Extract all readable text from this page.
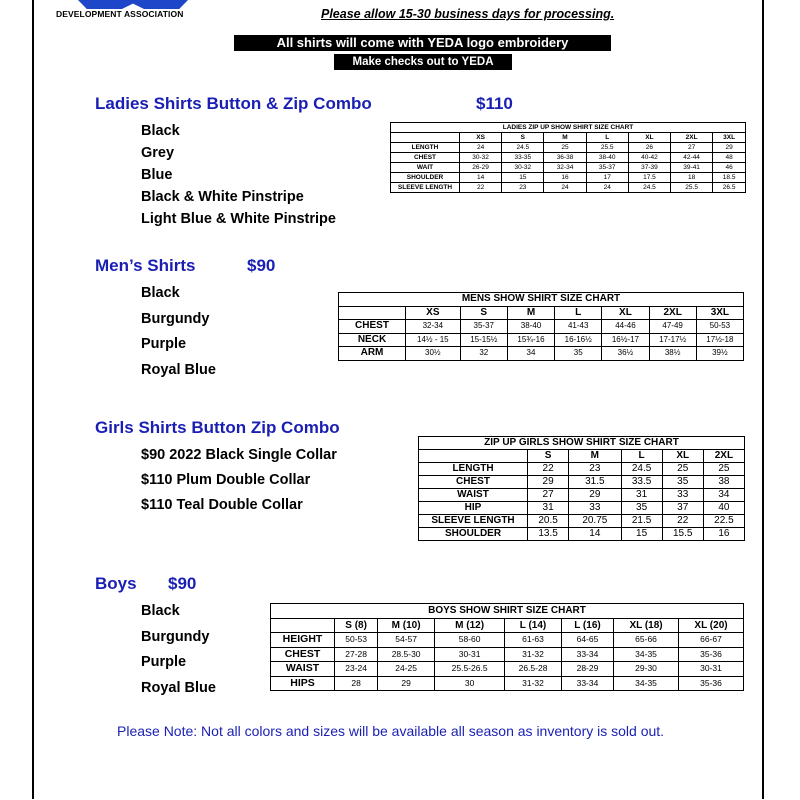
DEVELOPMENT ASSOCIATION	Please allow 15-30 business days for processing.
All shirts will come with YEDA logo embroidery
Make checks out to YEDA
Ladies Shirts Button & Zip Combo	$110
Black
Grey
Blue
Black & White Pinstripe
Light Blue & White Pinstripe
LADIES ZIP UP SHOW SHIRT SIZE CHART							
	XS	S	M	L	XL	2XL	3XL
LENGTH	24	24.5	25	25.5	26	27	29
CHEST	30-32	33-35	36-38	38-40	40-42	42-44	48
WAIT	26-29	30-32	32-34	35-37	37-39	39-41	46
SHOULDER	14	15	16	17	17.5	18	18.5
SLEEVE LENGTH	22	23	24	24	24.5	25.5	26.5
Men’s Shirts	$90
Black
Burgundy
Purple
Royal Blue
MENS SHOW SHIRT SIZE CHART							
	XS	S	M	L	XL	2XL	3XL
CHEST	32-34	35-37	38-40	41-43	44-46	47-49	50-53
NECK	14½ - 15	15-15½	15¾-16	16-16½	16½-17	17-17½	17½-18
ARM	30½	32	34	35	36½	38½	39½
Girls Shirts Button Zip Combo
$90 2022 Black Single Collar
$110 Plum Double Collar
$110 Teal Double Collar
ZIP UP GIRLS SHOW SHIRT SIZE CHART					
	S	M	L	XL	2XL
LENGTH	22	23	24.5	25	25
CHEST	29	31.5	33.5	35	38
WAIST	27	29	31	33	34
HIP	31	33	35	37	40
SLEEVE LENGTH	20.5	20.75	21.5	22	22.5
SHOULDER	13.5	14	15	15.5	16
Boys $90
Black
Burgundy
Purple
Royal Blue
BOYS SHOW SHIRT SIZE CHART							
	S (8)	M (10)	M (12)	L (14)	L (16)	XL (18)	XL (20)
HEIGHT	50-53	54-57	58-60	61-63	64-65	65-66	66-67
CHEST	27-28	28.5-30	30-31	31-32	33-34	34-35	35-36
WAIST	23-24	24-25	25.5-26.5	26.5-28	28-29	29-30	30-31
HIPS	28	29	30	31-32	33-34	34-35	35-36
Please Note: Not all colors and sizes will be available all season as inventory is sold out.
